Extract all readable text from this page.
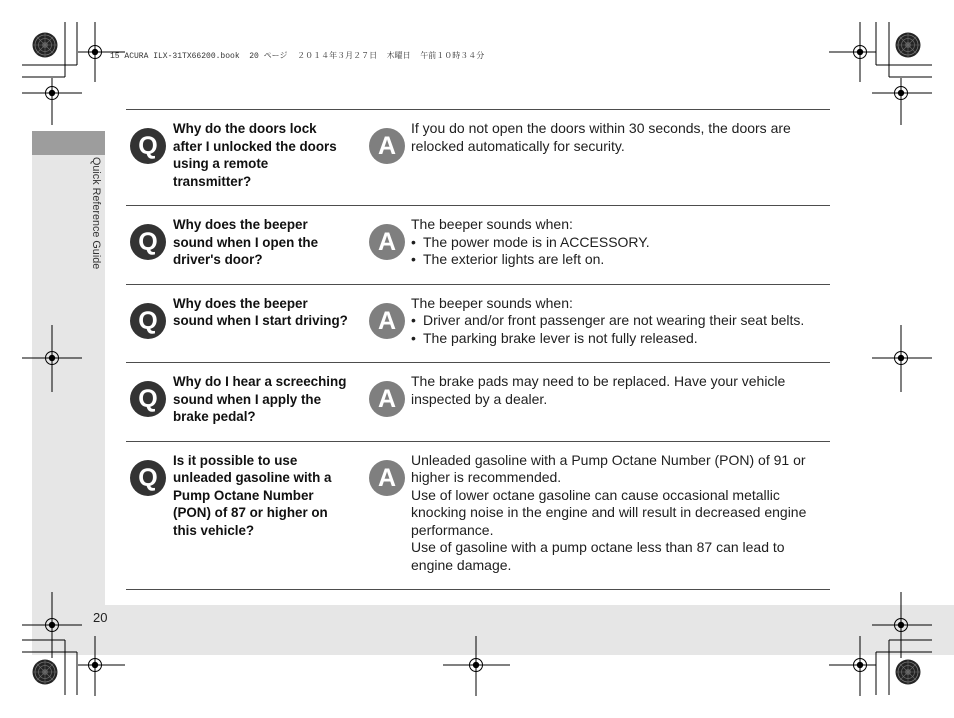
Quick Reference Guide
20
15 ACURA ILX-31TX66200.book  20 ページ  ２０１４年３月２７日  木曜日  午前１０時３４分
Q
Why do the doors lock
after I unlocked the doors
using a remote
transmitter?
A
If you do not open the doors within 30 seconds, the doors are
relocked automatically for security.
Q
Why does the beeper
sound when I open the
driver's door?
A
The beeper sounds when:
• The power mode is in ACCESSORY.
• The exterior lights are left on.
Q
Why does the beeper
sound when I start driving?	A
The beeper sounds when:
• Driver and/or front passenger are not wearing their seat belts.
• The parking brake lever is not fully released.
Q
Why do I hear a screeching
sound when I apply the
brake pedal?
A
The brake pads may need to be replaced. Have your vehicle
inspected by a dealer.
Q
Is it possible to use
unleaded gasoline with a
Pump Octane Number
(PON) of 87 or higher on
this vehicle?
A
Unleaded gasoline with a Pump Octane Number (PON) of 91 or
higher is recommended.
Use of lower octane gasoline can cause occasional metallic
knocking noise in the engine and will result in decreased engine
performance.
Use of gasoline with a pump octane less than 87 can lead to
engine damage.
